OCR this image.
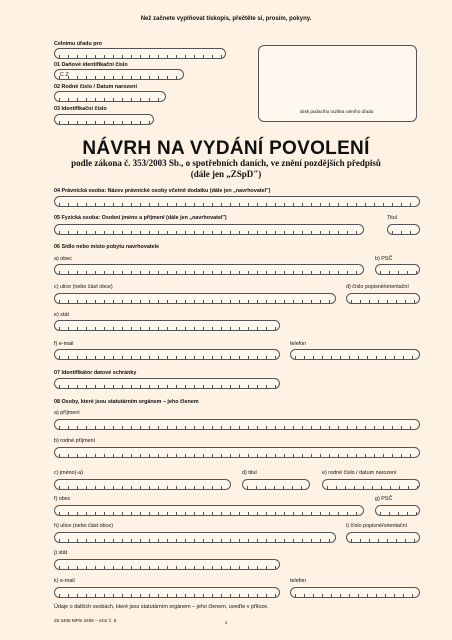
Než začnete vyplňovat tiskopis, přečtěte si, prosím, pokyny.
Celnímu úřadu pro
01 Daňové identifikační číslo
C Z
02 Rodné číslo / Datum narození
03 Identifikační číslo	otisk podacího razítka celního úřadu
NÁVRH NA VYDÁNÍ POVOLENÍ
podle zákona č. 353/2003 Sb., o spotřebních daních, ve znění pozdějších předpisů
(dále jen „ZSpD")
04 Právnická osoba: Název právnické osoby včetně dodatku (dále jen „navrhovatel")
05 Fyzická osoba: Osobní jméno a příjmení (dále jen „navrhovatel")	Titul
06 Sídlo nebo místo pobytu navrhovatele
a) obec	b) PSČ
c) ulice (nebo část obce)	d) číslo popisné/orientační
e) stát
f) e-mail	telefon
07 Identifikátor datové schránky
08 Osoby, které jsou statutárním orgánem – jeho členem
a) příjmení
b) rodné příjmení
c) jméno(-a)	d) titul	e) rodné číslo / datum narození
f) obec	g) PSČ
h) ulice (nebo část obce)	i) číslo popisné/orientační
j) stát
k) e-mail	telefon
Údaje o dalších osobách, které jsou statutárním orgánem – jeho členem, uveďte v příloze.
25 3408 MPin 3406 – vzor č. 5	1
